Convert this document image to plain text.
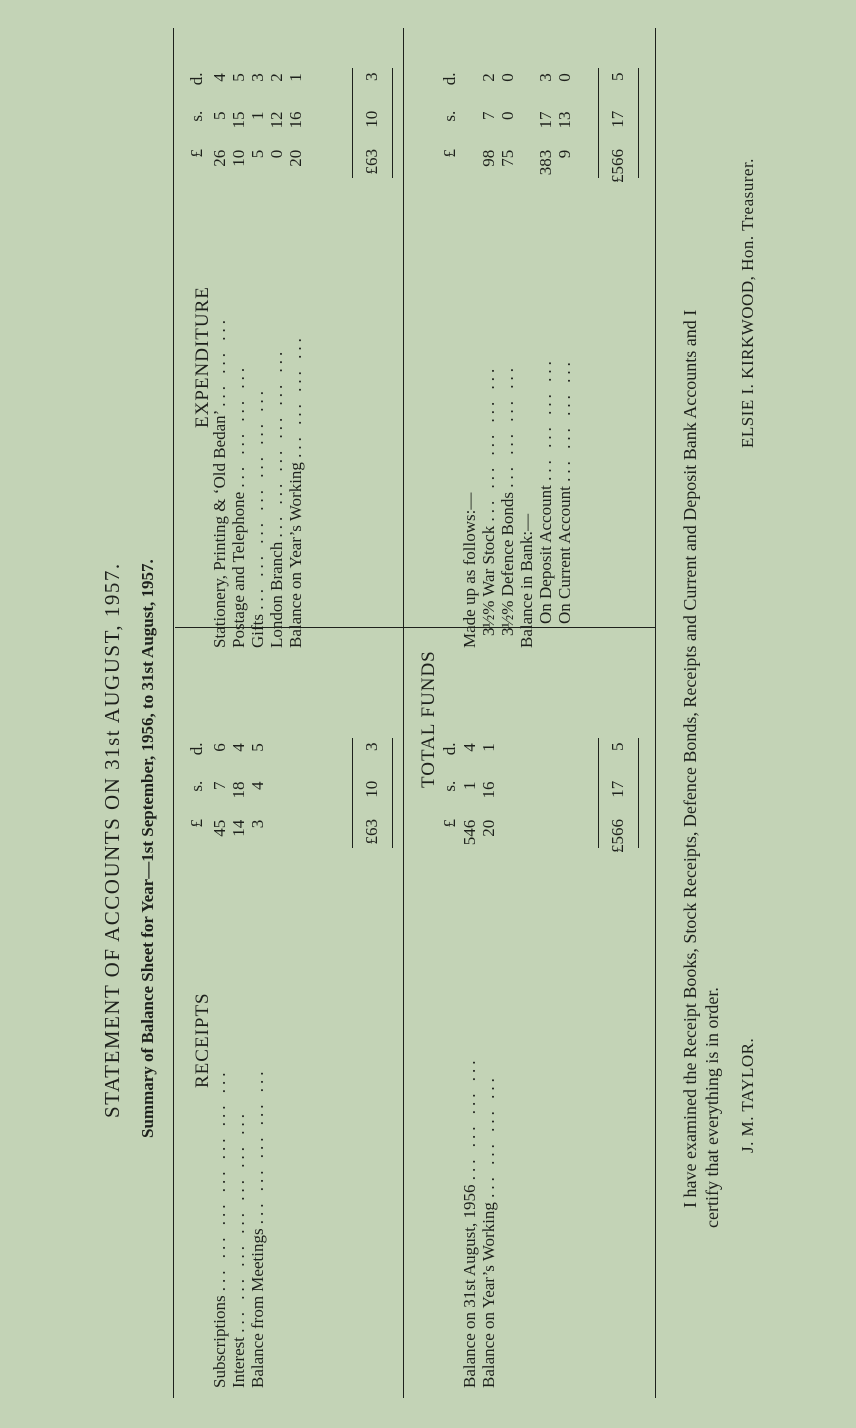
STATEMENT OF ACCOUNTS ON 31st AUGUST, 1957. Summary of Balance Sheet for Year—1st September, 1956, to 31st August, 1957. RECEIPTS
£ s. d.
Subscriptions ... ... ... ... ... ... ... 45 7 6
Interest ... ... ... ... ... ... ... 14 18 4
Balance from Meetings ... ... ... ... ... 3 4 5
£63 10 3
EXPENDITURE
£ s. d.
Stationery, Printing & ‘Old Bedan’ ... ... ... 26 5 4
Postage and Telephone ... ... ... ... 10 15 5
Gifts ... ... ... ... ... ... ... 5 1 3
London Branch ... ... ... ... ... ... 0 12 2
Balance on Year’s Working ... ... ... ... 20 16 1
£63 10 3
TOTAL FUNDS
£ s. d.
Balance on 31st August, 1956 ... ... ... ... 546 1 4
Balance on Year’s Working ... ... ... ... 20 16 1
£566 17 5
£ s. d.
Made up as follows:— 3½% War Stock ... ... ... ... ... 98 7 2
3½% Defence Bonds ... ... ... ... 75 0 0
Balance in Bank:— On Deposit Account ... ... ... ... 383 17 3
On Current Account ... ... ... ... 9 13 0
£566 17 5
I have examined the Receipt Books, Stock Receipts, Defence Bonds, Receipts and Current and Deposit Bank Accounts and I certify that everything is in order. J. M. TAYLOR.
ELSIE I. KIRKWOOD, Hon. Treasurer.
